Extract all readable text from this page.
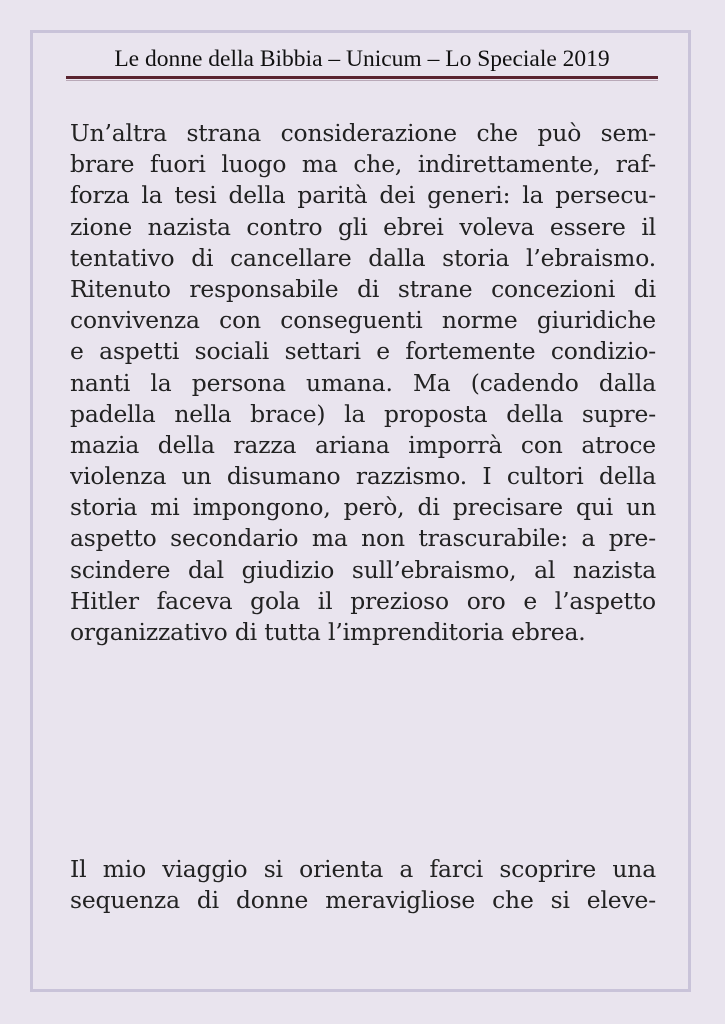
Le donne della Bibbia – Unicum – Lo Speciale 2019
Un’altra strana considerazione che può sem-
brare fuori luogo ma che, indirettamente, raf-
forza la tesi della parità dei generi: la persecu-
zione nazista contro gli ebrei voleva essere il
tentativo di cancellare dalla storia l’ebraismo.
Ritenuto responsabile di strane concezioni di
convivenza con conseguenti norme giuridiche
e aspetti sociali settari e fortemente condizio-
nanti la persona umana. Ma (cadendo dalla
padella nella brace) la proposta della supre-
mazia della razza ariana imporrà con atroce
violenza un disumano razzismo. I cultori della
storia mi impongono, però, di precisare qui un
aspetto secondario ma non trascurabile: a pre-
scindere dal giudizio sull’ebraismo, al nazista
Hitler faceva gola il prezioso oro e l’aspetto
organizzativo di tutta l’imprenditoria ebrea.
Il mio viaggio si orienta a farci scoprire una
sequenza di donne meravigliose che si eleve-
